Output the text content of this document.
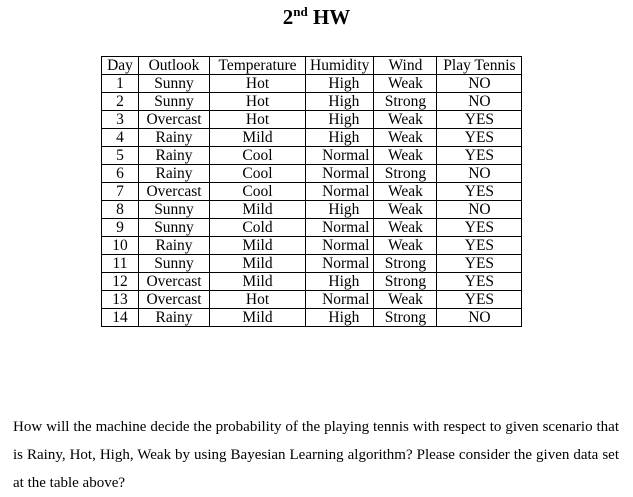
2nd HW
Day	Outlook	Temperature	Humidity	Wind	Play Tennis
1	Sunny	Hot	High	Weak	NO
2	Sunny	Hot	High	Strong	NO
3	Overcast	Hot	High	Weak	YES
4	Rainy	Mild	High	Weak	YES
5	Rainy	Cool	Normal	Weak	YES
6	Rainy	Cool	Normal	Strong	NO
7	Overcast	Cool	Normal	Weak	YES
8	Sunny	Mild	High	Weak	NO
9	Sunny	Cold	Normal	Weak	YES
10	Rainy	Mild	Normal	Weak	YES
11	Sunny	Mild	Normal	Strong	YES
12	Overcast	Mild	High	Strong	YES
13	Overcast	Hot	Normal	Weak	YES
14	Rainy	Mild	High	Strong	NO

How will the machine decide the probability of the playing tennis with respect to given scenario that is Rainy, Hot, High, Weak by using Bayesian Learning algorithm? Please consider the given data set at the table above?
